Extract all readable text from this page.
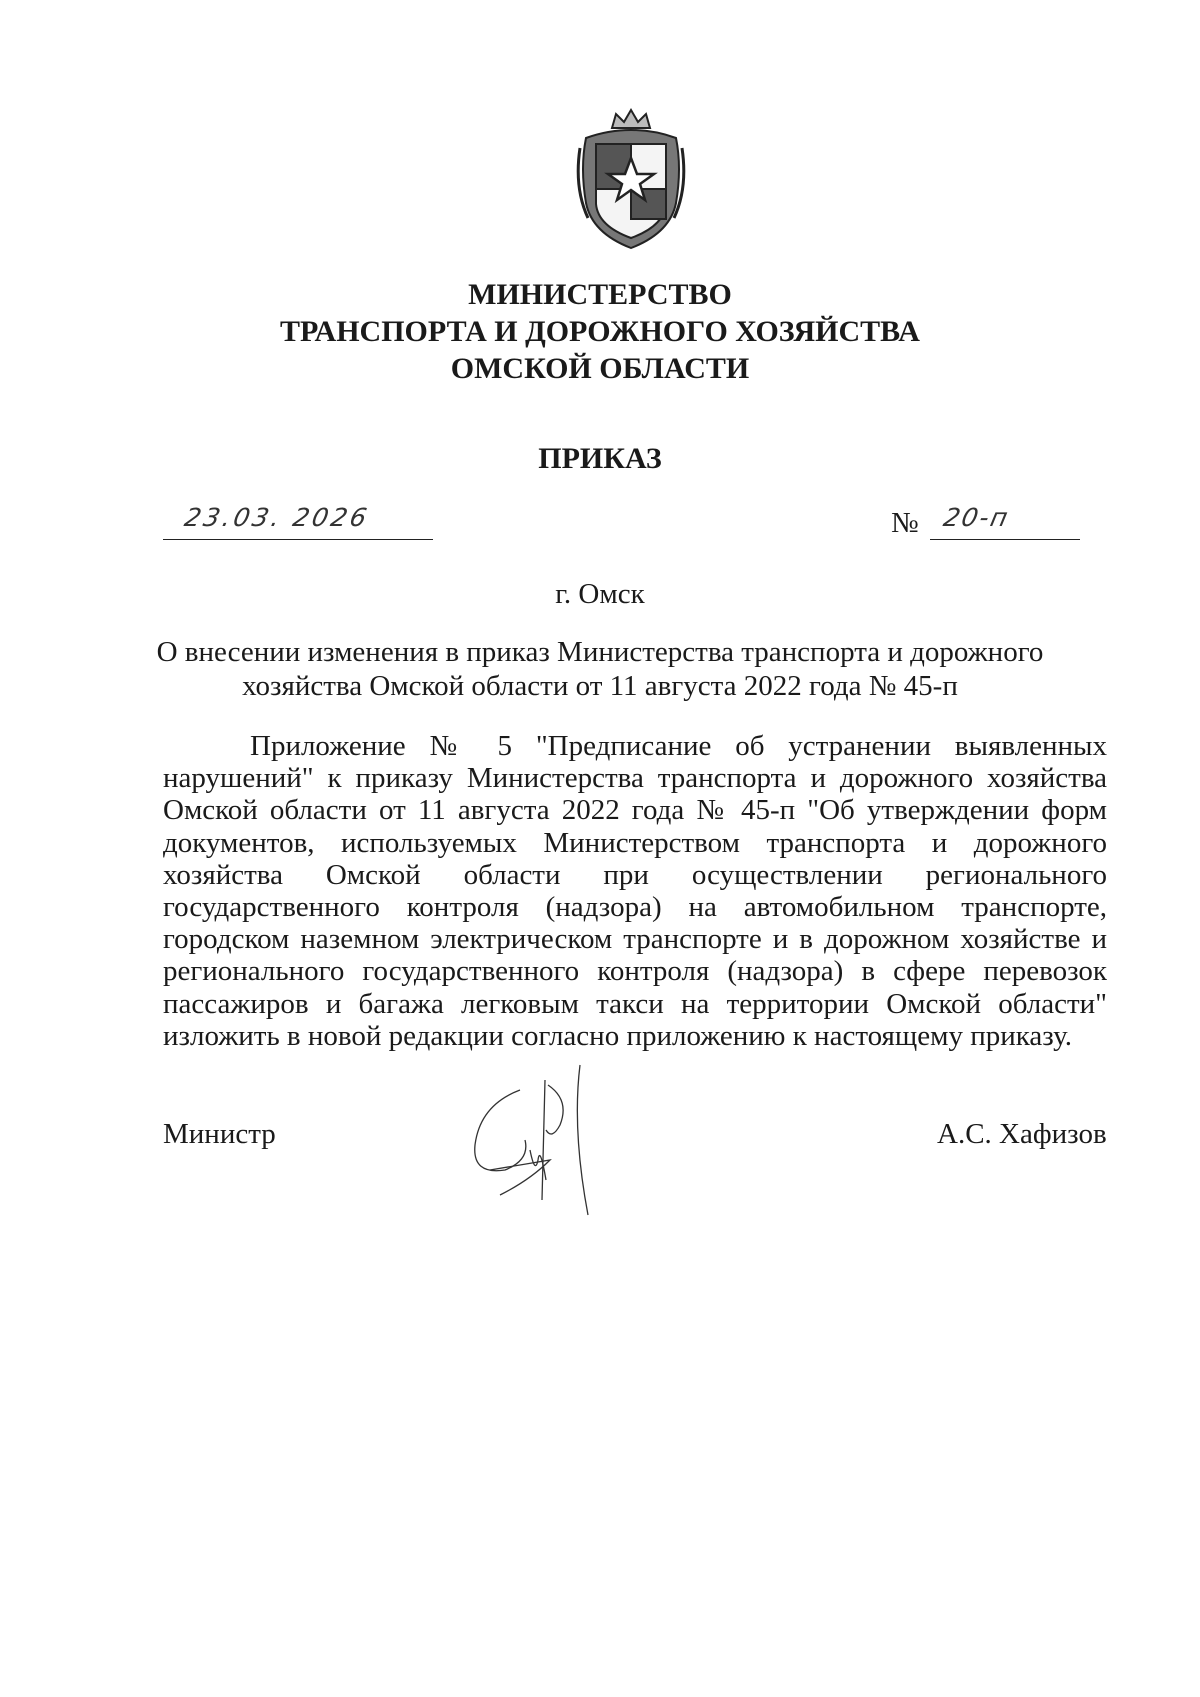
МИНИСТЕРСТВО
ТРАНСПОРТА И ДОРОЖНОГО ХОЗЯЙСТВА
ОМСКОЙ ОБЛАСТИ
ПРИКАЗ
23.03. 2026	№ 20-п
г. Омск
О внесении изменения в приказ Министерства транспорта и дорожного
хозяйства Омской области от 11 августа 2022 года № 45-п
Приложение № 5 "Предписание об устранении выявленных нарушений" к приказу Министерства транспорта и дорожного хозяйства Омской области от 11 августа 2022 года № 45-п "Об утверждении форм документов, используемых Министерством транспорта и дорожного хозяйства Омской области при осуществлении регионального государственного контроля (надзора) на автомобильном транспорте, городском наземном электрическом транспорте и в дорожном хозяйстве и регионального государственного контроля (надзора) в сфере перевозок пассажиров и багажа легковым такси на территории Омской области" изложить в новой редакции согласно приложению к настоящему приказу.
Министр	А.С. Хафизов
